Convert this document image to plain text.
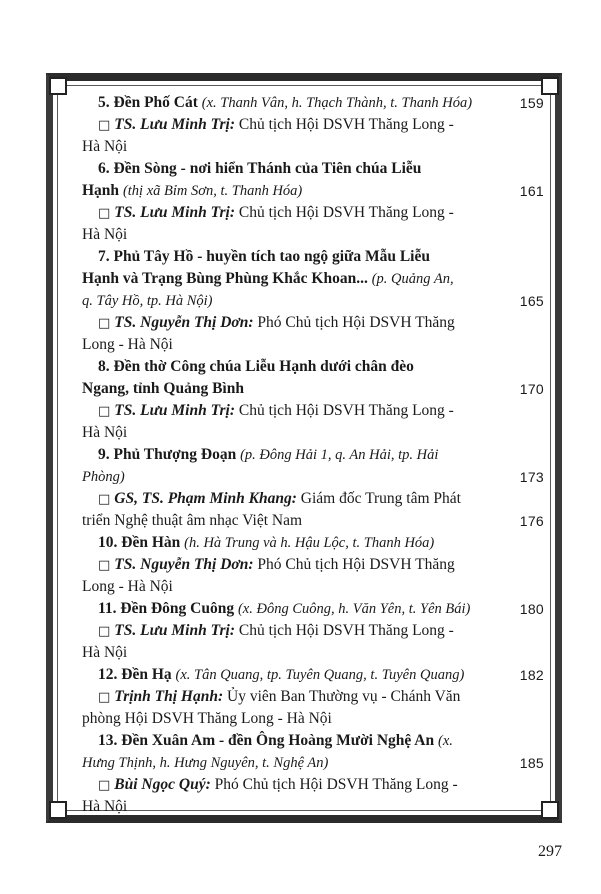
5. Đền Phố Cát (x. Thanh Vân, h. Thạch Thành, t. Thanh Hóa)	159
□ TS. Lưu Minh Trị: Chủ tịch Hội DSVH Thăng Long -
Hà Nội
6. Đền Sòng - nơi hiển Thánh của Tiên chúa Liễu
Hạnh (thị xã Bỉm Sơn, t. Thanh Hóa)	161
□ TS. Lưu Minh Trị: Chủ tịch Hội DSVH Thăng Long -
Hà Nội
7. Phủ Tây Hồ - huyền tích tao ngộ giữa Mẫu Liễu
Hạnh và Trạng Bùng Phùng Khắc Khoan... (p. Quảng An,
q. Tây Hồ, tp. Hà Nội)	165
□ TS. Nguyễn Thị Dơn: Phó Chủ tịch Hội DSVH Thăng
Long - Hà Nội
8. Đền thờ Công chúa Liễu Hạnh dưới chân đèo
Ngang, tỉnh Quảng Bình	170
□ TS. Lưu Minh Trị: Chủ tịch Hội DSVH Thăng Long -
Hà Nội
9. Phủ Thượng Đoạn (p. Đông Hải 1, q. An Hải, tp. Hải
Phòng)	173
□ GS, TS. Phạm Minh Khang: Giám đốc Trung tâm Phát
triển Nghệ thuật âm nhạc Việt Nam	176
10. Đền Hàn (h. Hà Trung và h. Hậu Lộc, t. Thanh Hóa)
□ TS. Nguyễn Thị Dơn: Phó Chủ tịch Hội DSVH Thăng
Long - Hà Nội
11. Đền Đông Cuông (x. Đông Cuông, h. Văn Yên, t. Yên Bái)	180
□ TS. Lưu Minh Trị: Chủ tịch Hội DSVH Thăng Long -
Hà Nội
12. Đền Hạ (x. Tân Quang, tp. Tuyên Quang, t. Tuyên Quang)	182
□ Trịnh Thị Hạnh: Ủy viên Ban Thường vụ - Chánh Văn
phòng Hội DSVH Thăng Long - Hà Nội
13. Đền Xuân Am - đền Ông Hoàng Mười Nghệ An (x.
Hưng Thịnh, h. Hưng Nguyên, t. Nghệ An)	185
□ Bùi Ngọc Quý: Phó Chủ tịch Hội DSVH Thăng Long -
Hà Nội
297
